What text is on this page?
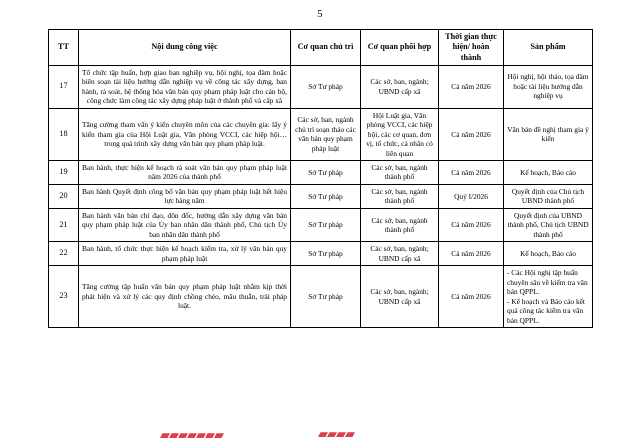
5
TT	Nội dung công việc	Cơ quan chủ trì	Cơ quan phối hợp	Thời gian thực hiện/ hoàn thành	Sản phẩm
17	Tổ chức tập huấn, hợp giao ban nghiệp vụ, hội nghị, tọa đàm hoặc biên soạn tài liệu hướng dẫn nghiệp vụ về công tác xây dựng, ban hành, rà soát, hệ thống hóa văn bản quy phạm pháp luật cho cán bộ, công chức làm công tác xây dựng pháp luật ở thành phố và cấp xã	Sở Tư pháp	Các sở, ban, ngành; UBND cấp xã	Cả năm 2026	Hội nghị, hội thảo, tọa đàm hoặc tài liệu hướng dẫn nghiệp vụ
18	Tăng cường tham vấn ý kiến chuyên môn của các chuyên gia: lấy ý kiến tham gia của Hội Luật gia, Văn phòng VCCI, các hiệp hội… trong quá trình xây dựng văn bản quy phạm pháp luật.	Các sở, ban, ngành chủ trì soạn thảo các văn bản quy phạm pháp luật	Hội Luật gia, Văn phòng VCCI, các hiệp hội, các cơ quan, đơn vị, tổ chức, cá nhân có liên quan	Cả năm 2026	Văn bản đề nghị tham gia ý kiến
19	Ban hành, thực hiện kế hoạch rà soát văn bản quy phạm pháp luật năm 2026 của thành phố	Sở Tư pháp	Các sở, ban, ngành thành phố	Cả năm 2026	Kế hoạch, Báo cáo
20	Ban hành Quyết định công bố văn bản quy phạm pháp luật hết hiệu lực hàng năm	Sở Tư pháp	Các sở, ban, ngành thành phố	Quý I/2026	Quyết định của Chủ tịch UBND thành phố
21	Ban hành văn bản chỉ đạo, đôn đốc, hướng dẫn xây dựng văn bản quy phạm pháp luật của Ủy ban nhân dân thành phố, Chủ tịch Ủy ban nhân dân thành phố	Sở Tư pháp	Các sở, ban, ngành thành phố	Cả năm 2026	Quyết định của UBND thành phố, Chủ tịch UBND thành phố
22	Ban hành, tổ chức thực hiện kế hoạch kiểm tra, xử lý văn bản quy phạm pháp luật	Sở Tư pháp	Các sở, ban, ngành; UBND cấp xã	Cả năm 2026	Kế hoạch, Báo cáo
23	Tăng cường tập huấn văn bản quy phạm pháp luật nhằm kịp thời phát hiện và xử lý các quy định chồng chéo, mâu thuẫn, trái pháp luật.	Sở Tư pháp	Các sở, ban, ngành; UBND cấp xã	Cả năm 2026	- Các Hội nghị tập huấn chuyên sâu về kiểm tra văn bản QPPL.
- Kế hoạch và Báo cáo kết quả công tác kiểm tra văn bản QPPL.
▰▰▰▰▰▰▰	▰▰▰▰
